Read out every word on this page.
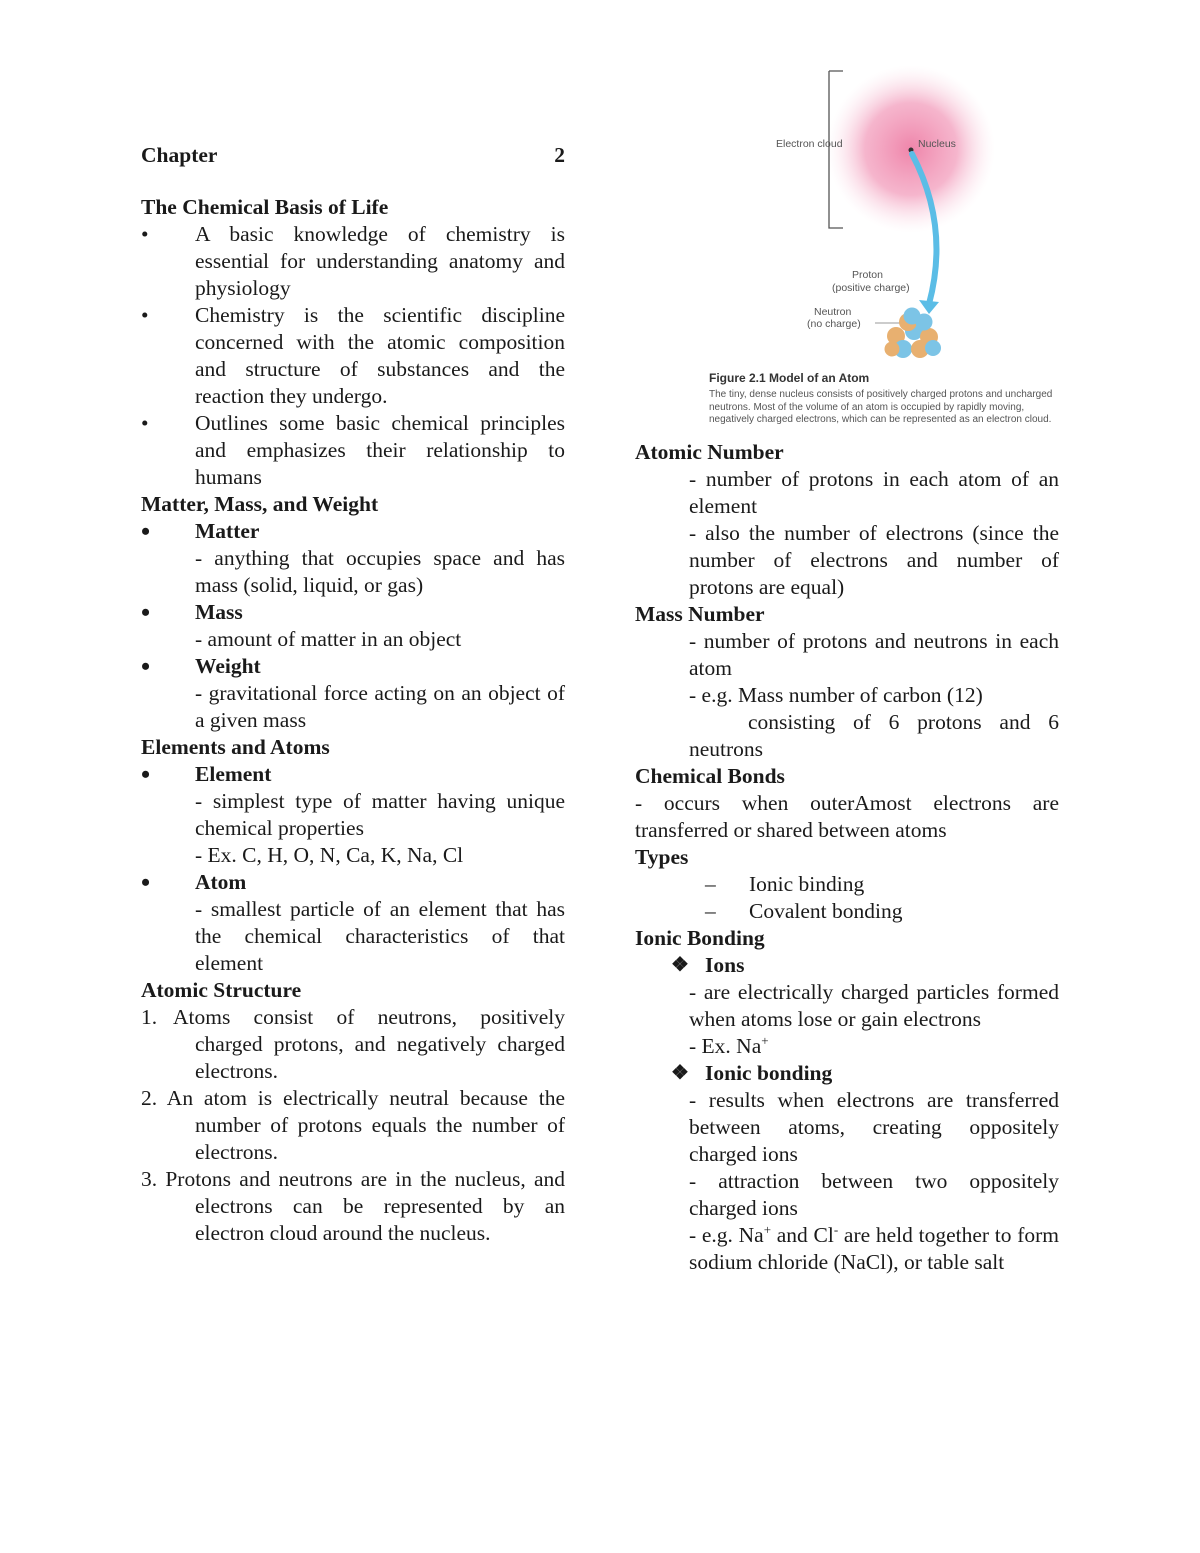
Chapter	2
The Chemical Basis of Life
• A basic knowledge of chemistry is essential for understanding anatomy and physiology
• Chemistry is the scientific discipline concerned with the atomic composition and structure of substances and the reaction they undergo.
• Outlines some basic chemical principles and emphasizes their relationship to humans
Matter, Mass, and Weight
• Matter
- anything that occupies space and has mass (solid, liquid, or gas)
• Mass
- amount of matter in an object
• Weight
- gravitational force acting on an object of a given mass
Elements and Atoms
• Element
- simplest type of matter having unique chemical properties
- Ex. C, H, O, N, Ca, K, Na, Cl
• Atom
- smallest particle of an element that has the chemical characteristics of that element
Atomic Structure
1. Atoms consist of neutrons, positively charged protons, and negatively charged electrons.
2. An atom is electrically neutral because the number of protons equals the number of electrons.
3. Protons and neutrons are in the nucleus, and electrons can be represented by an electron cloud around the nucleus.
Electron cloud	Nucleus
Proton
(positive charge)
Neutron
(no charge)
Figure 2.1 Model of an Atom
The tiny, dense nucleus consists of positively charged protons and uncharged neutrons. Most of the volume of an atom is occupied by rapidly moving, negatively charged electrons, which can be represented as an electron cloud.
Atomic Number
- number of protons in each atom of an element
- also the number of electrons (since the number of electrons and number of protons are equal)
Mass Number
- number of protons and neutrons in each atom
- e.g. Mass number of carbon (12)
consisting of 6 protons and 6 neutrons
Chemical Bonds
- occurs when outerAmost electrons are transferred or shared between atoms
Types
– Ionic binding
– Covalent bonding
Ionic Bonding
❖ Ions
- are electrically charged particles formed when atoms lose or gain electrons
- Ex. Na+
❖ Ionic bonding
- results when electrons are transferred between atoms, creating oppositely charged ions
- attraction between two oppositely charged ions
- e.g. Na+ and Cl- are held together to form sodium chloride (NaCl), or table salt
